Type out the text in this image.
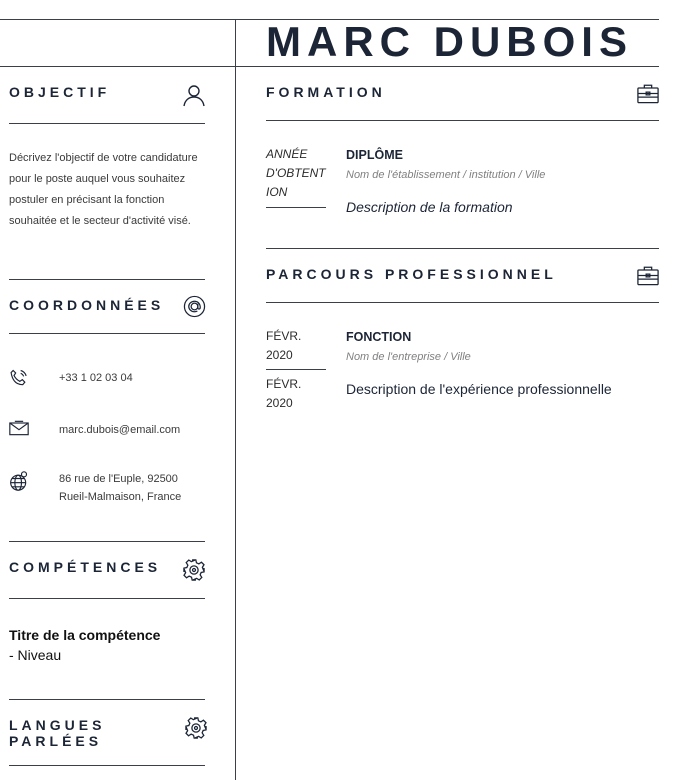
MARC DUBOIS
OBJECTIF
Décrivez l'objectif de votre candidature pour le poste auquel vous souhaitez postuler en précisant la fonction souhaitée et le secteur d'activité visé.
COORDONNÉES
+33 1 02 03 04
marc.dubois@email.com
86 rue de l'Euple, 92500
Rueil-Malmaison, France
COMPÉTENCES
Titre de la compétence
- Niveau
LANGUES
PARLÉES
FORMATION
ANNÉE
D'OBTENT
ION
DIPLÔME
Nom de l'établissement / institution / Ville
Description de la formation
PARCOURS PROFESSIONNEL
FÉVR.
2020
FÉVR.
2020
FONCTION
Nom de l'entreprise / Ville
Description de l'expérience professionnelle
